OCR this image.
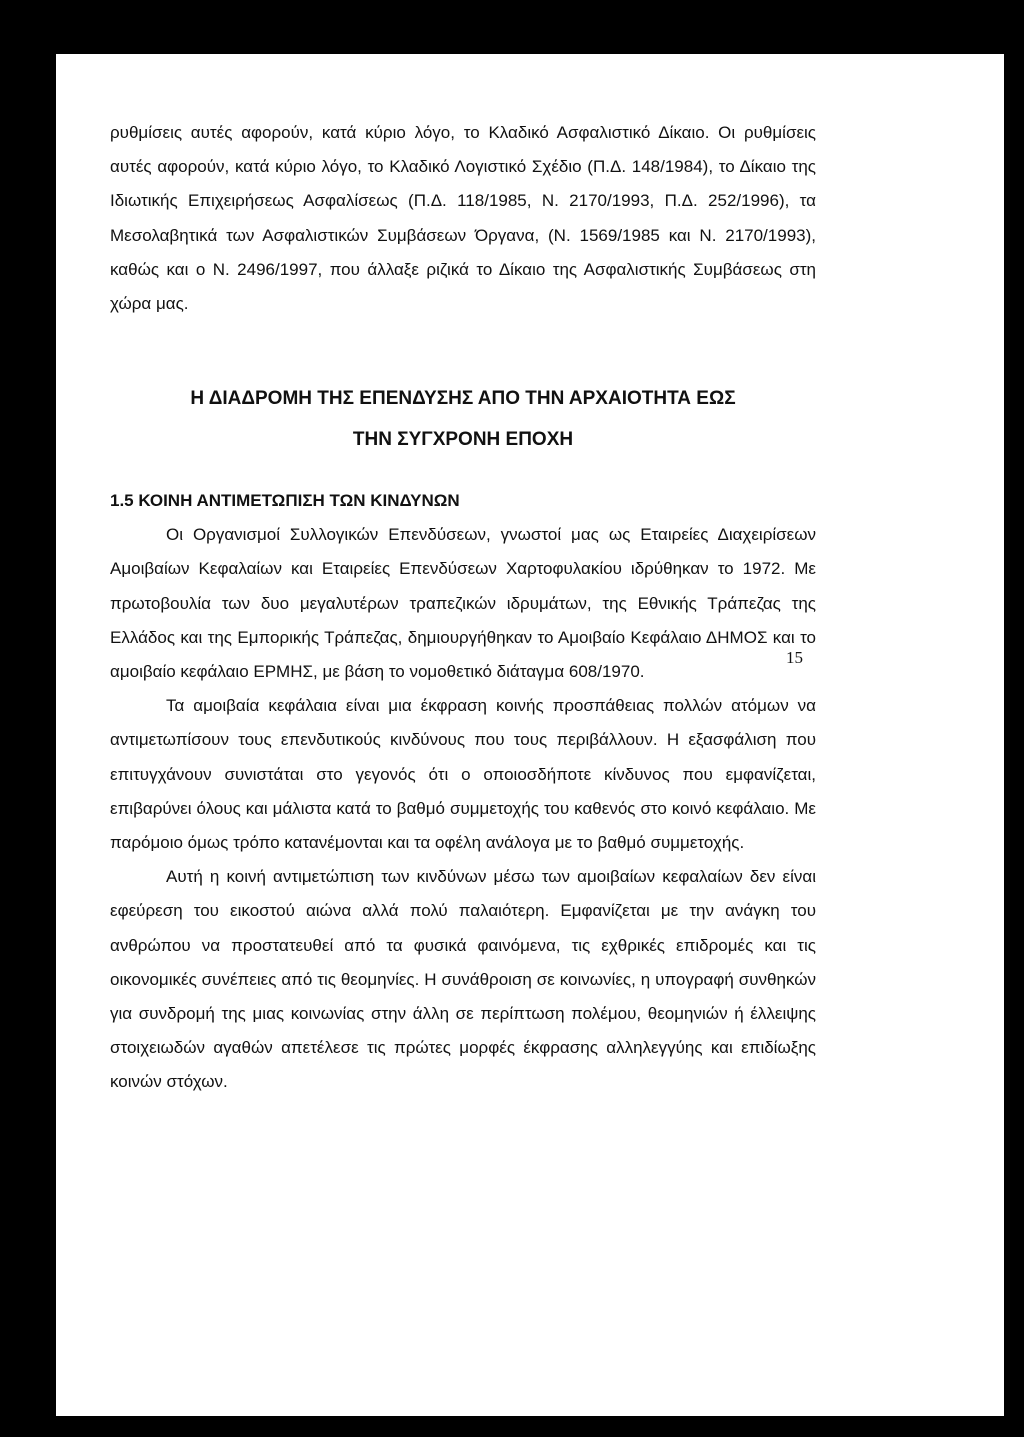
ρυθμίσεις αυτές αφορούν, κατά κύριο λόγο, το Κλαδικό Ασφαλιστικό Δίκαιο. Οι ρυθμίσεις αυτές αφορούν, κατά κύριο λόγο, το Κλαδικό Λογιστικό Σχέδιο (Π.Δ. 148/1984), το Δίκαιο της Ιδιωτικής Επιχειρήσεως Ασφαλίσεως (Π.Δ. 118/1985, Ν. 2170/1993, Π.Δ. 252/1996), τα Μεσολαβητικά των Ασφαλιστικών Συμβάσεων Όργανα, (Ν. 1569/1985 και Ν. 2170/1993), καθώς και ο Ν. 2496/1997, που άλλαξε ριζικά το Δίκαιο της Ασφαλιστικής Συμβάσεως στη χώρα μας.

Η ΔΙΑΔΡΟΜΗ ΤΗΣ ΕΠΕΝΔΥΣΗΣ ΑΠΟ ΤΗΝ ΑΡΧΑΙΟΤΗΤΑ ΕΩΣ

ΤΗΝ ΣΥΓΧΡΟΝΗ ΕΠΟΧΗ

1.5 ΚΟΙΝΗ ΑΝΤΙΜΕΤΩΠΙΣΗ ΤΩΝ ΚΙΝΔΥΝΩΝ

Οι Οργανισμοί Συλλογικών Επενδύσεων, γνωστοί μας ως Εταιρείες Διαχειρίσεων Αμοιβαίων Κεφαλαίων και Εταιρείες Επενδύσεων Χαρτοφυλακίου ιδρύθηκαν το 1972. Με πρωτοβουλία των δυο μεγαλυτέρων τραπεζικών ιδρυμάτων, της Εθνικής Τράπεζας της Ελλάδος και της Εμπορικής Τράπεζας, δημιουργήθηκαν το Αμοιβαίο Κεφάλαιο ΔΗΜΟΣ και το αμοιβαίο κεφάλαιο ΕΡΜΗΣ, με βάση το νομοθετικό διάταγμα 608/1970.

Τα αμοιβαία κεφάλαια είναι μια έκφραση κοινής προσπάθειας πολλών ατόμων να αντιμετωπίσουν τους επενδυτικούς κινδύνους που τους περιβάλλουν. Η εξασφάλιση που επιτυγχάνουν συνιστάται στο γεγονός ότι ο οποιοσδήποτε κίνδυνος που εμφανίζεται, επιβαρύνει όλους και μάλιστα κατά το βαθμό συμμετοχής του καθενός στο κοινό κεφάλαιο. Με παρόμοιο όμως τρόπο κατανέμονται και τα οφέλη ανάλογα με το βαθμό συμμετοχής.

Αυτή η κοινή αντιμετώπιση των κινδύνων μέσω των αμοιβαίων κεφαλαίων δεν είναι εφεύρεση του εικοστού αιώνα αλλά πολύ παλαιότερη. Εμφανίζεται με την ανάγκη του ανθρώπου να προστατευθεί από τα φυσικά φαινόμενα, τις εχθρικές επιδρομές και τις οικονομικές συνέπειες από τις θεομηνίες. Η συνάθροιση σε κοινωνίες, η υπογραφή συνθηκών για συνδρομή της μιας κοινωνίας στην άλλη σε περίπτωση πολέμου, θεομηνιών ή έλλειψης στοιχειωδών αγαθών απετέλεσε τις πρώτες μορφές έκφρασης αλληλεγγύης και επιδίωξης κοινών στόχων.

15
